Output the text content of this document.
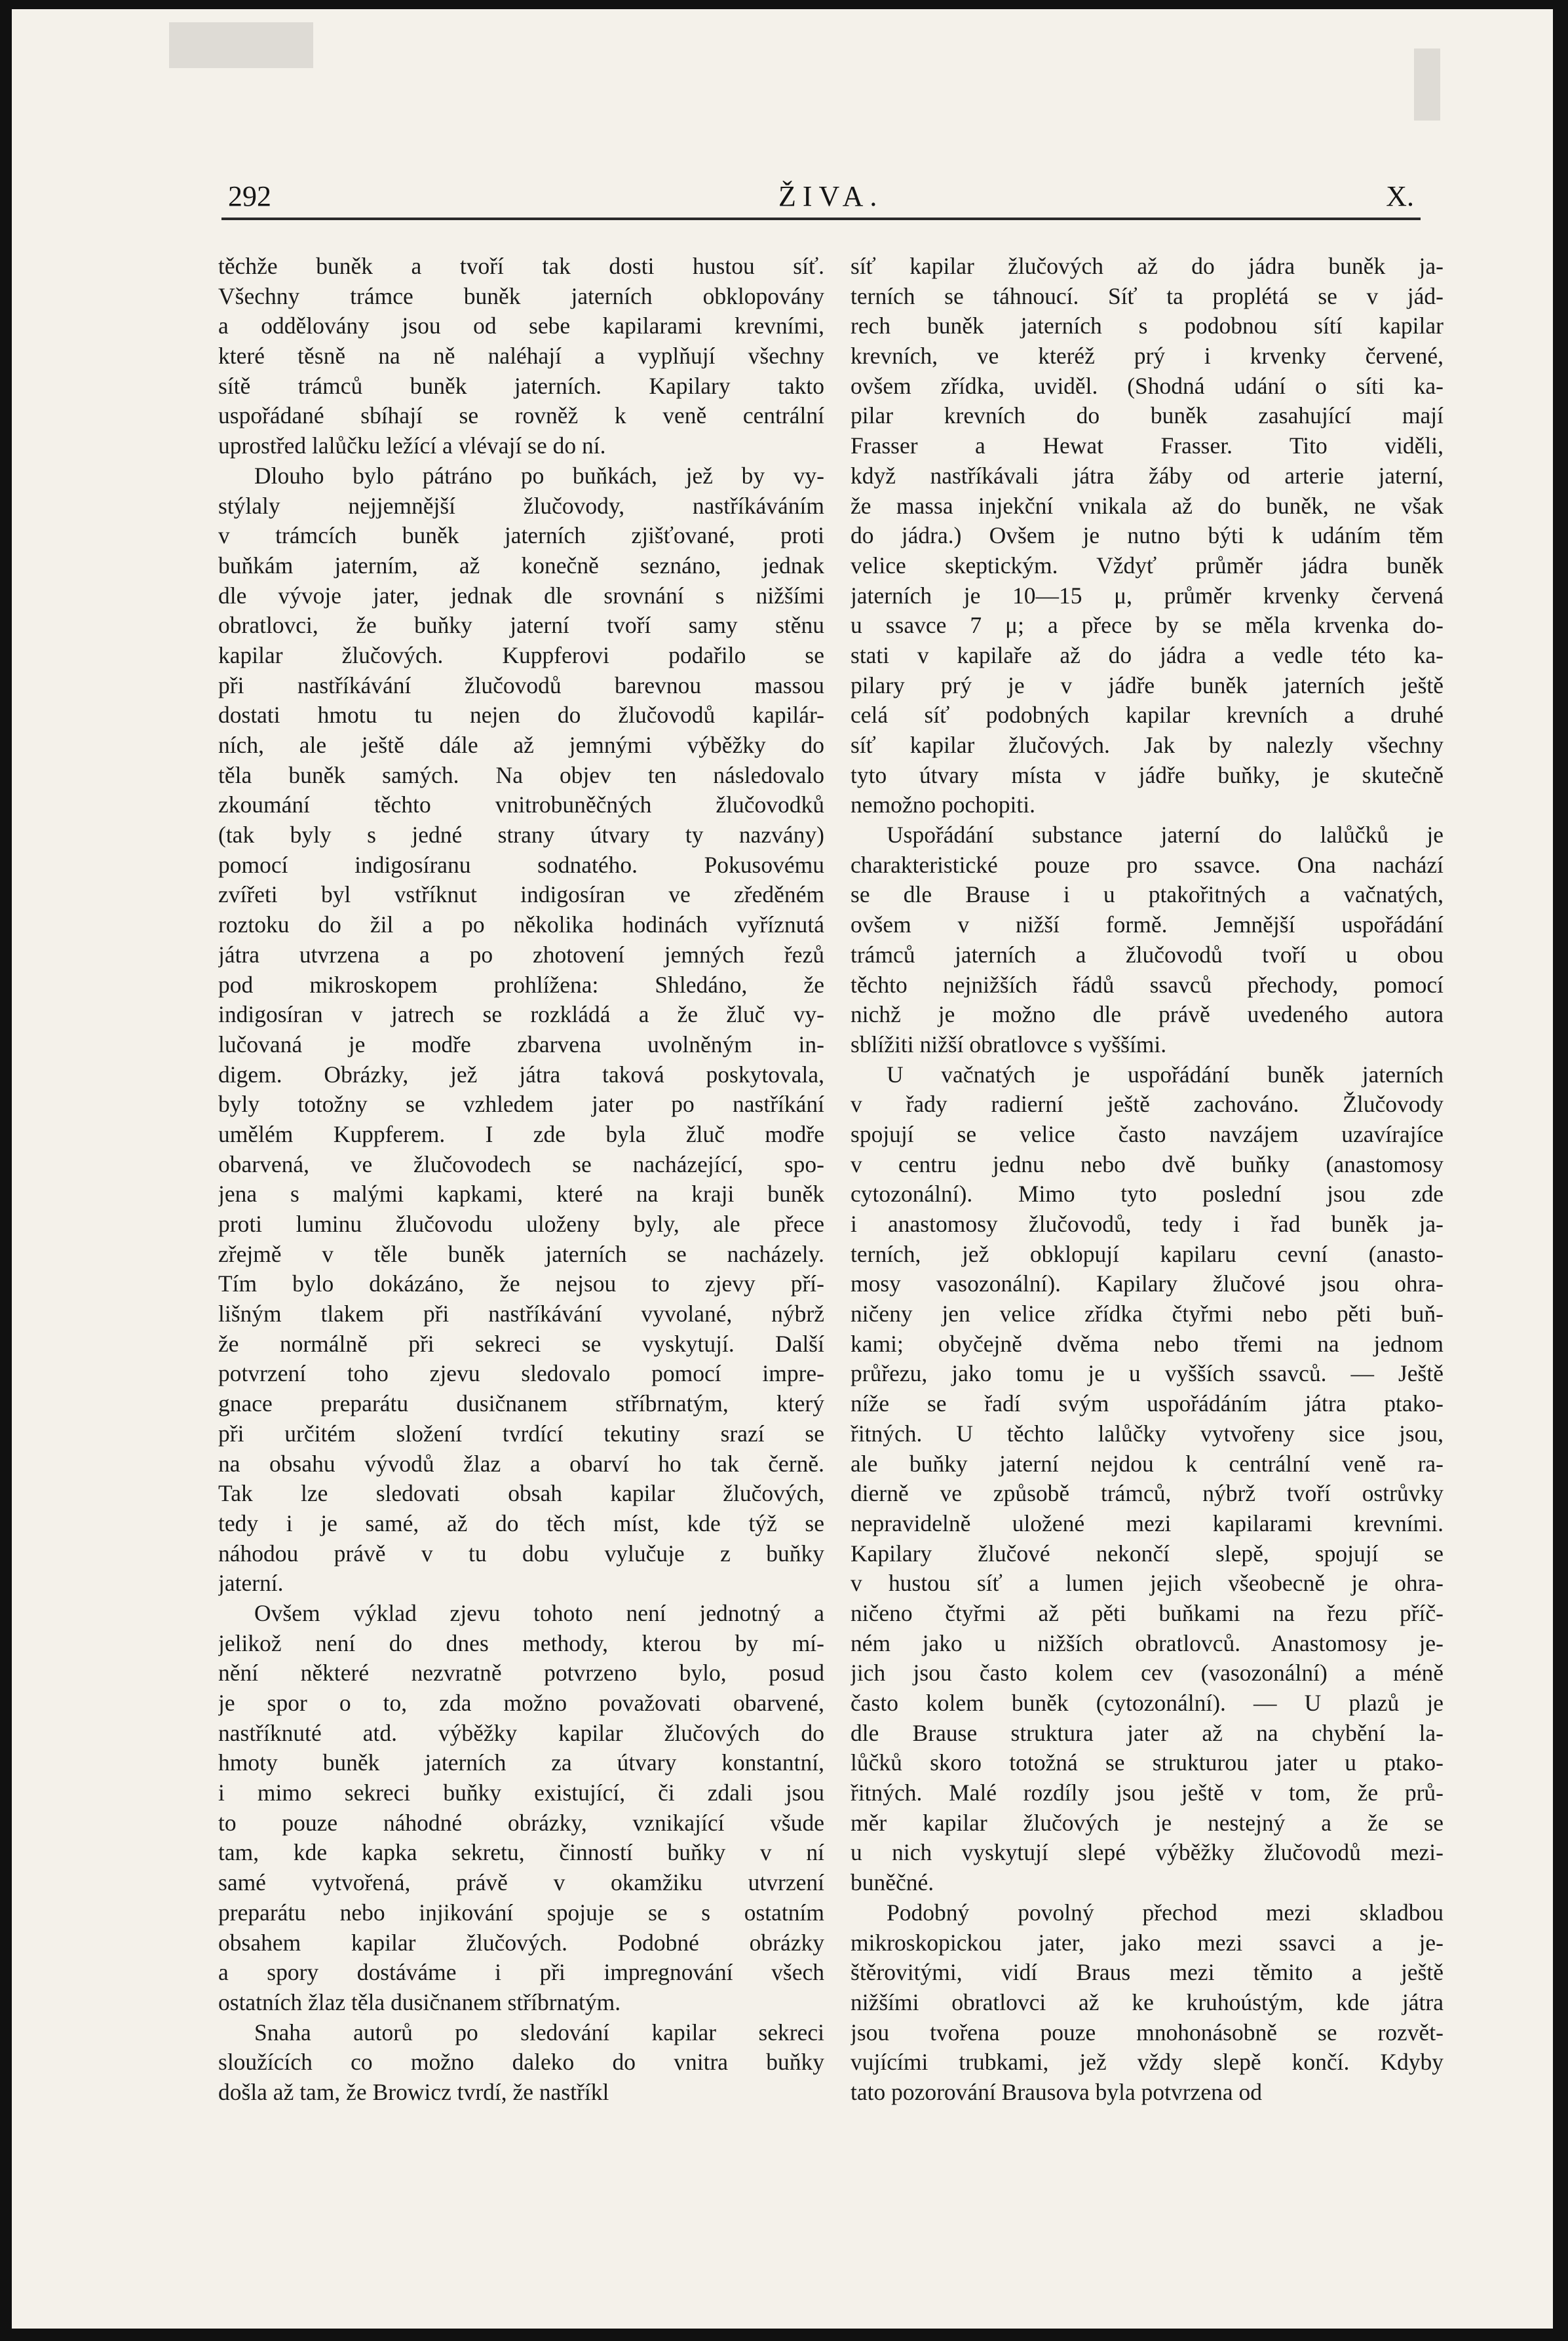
292	ŽIVA.	X.
těchže buněk a tvoří tak dosti hustou síť.
Všechny trámce buněk jaterních obklopovány
a oddělovány jsou od sebe kapilarami krevními,
které těsně na ně naléhají a vyplňují všechny
sítě trámců buněk jaterních. Kapilary takto
uspořádané sbíhají se rovněž k veně centrální
uprostřed lalůčku ležící a vlévají se do ní.
Dlouho bylo pátráno po buňkách, jež by vy-
stýlaly nejjemnější žlučovody, nastříkáváním
v trámcích buněk jaterních zjišťované, proti
buňkám jaterním, až konečně seznáno, jednak
dle vývoje jater, jednak dle srovnání s nižšími
obratlovci, že buňky jaterní tvoří samy stěnu
kapilar žlučových. Kuppferovi podařilo se
při nastříkávání žlučovodů barevnou massou
dostati hmotu tu nejen do žlučovodů kapilár-
ních, ale ještě dále až jemnými výběžky do
těla buněk samých. Na objev ten následovalo
zkoumání těchto vnitrobuněčných žlučovodků
(tak byly s jedné strany útvary ty nazvány)
pomocí indigosíranu sodnatého. Pokusovému
zvířeti byl vstříknut indigosíran ve zředěném
roztoku do žil a po několika hodinách vyříznutá
játra utvrzena a po zhotovení jemných řezů
pod mikroskopem prohlížena: Shledáno, že
indigosíran v jatrech se rozkládá a že žluč vy-
lučovaná je modře zbarvena uvolněným in-
digem. Obrázky, jež játra taková poskytovala,
byly totožny se vzhledem jater po nastříkání
umělém Kuppferem. I zde byla žluč modře
obarvená, ve žlučovodech se nacházející, spo-
jena s malými kapkami, které na kraji buněk
proti luminu žlučovodu uloženy byly, ale přece
zřejmě v těle buněk jaterních se nacházely.
Tím bylo dokázáno, že nejsou to zjevy pří-
lišným tlakem při nastříkávání vyvolané, nýbrž
že normálně při sekreci se vyskytují. Další
potvrzení toho zjevu sledovalo pomocí impre-
gnace preparátu dusičnanem stříbrnatým, který
při určitém složení tvrdící tekutiny srazí se
na obsahu vývodů žlaz a obarví ho tak černě.
Tak lze sledovati obsah kapilar žlučových,
tedy i je samé, až do těch míst, kde týž se
náhodou právě v tu dobu vylučuje z buňky
jaterní.
Ovšem výklad zjevu tohoto není jednotný a
jelikož není do dnes methody, kterou by mí-
nění některé nezvratně potvrzeno bylo, posud
je spor o to, zda možno považovati obarvené,
nastříknuté atd. výběžky kapilar žlučových do
hmoty buněk jaterních za útvary konstantní,
i mimo sekreci buňky existující, či zdali jsou
to pouze náhodné obrázky, vznikající všude
tam, kde kapka sekretu, činností buňky v ní
samé vytvořená, právě v okamžiku utvrzení
preparátu nebo injikování spojuje se s ostatním
obsahem kapilar žlučových. Podobné obrázky
a spory dostáváme i při impregnování všech
ostatních žlaz těla dusičnanem stříbrnatým.
Snaha autorů po sledování kapilar sekreci
sloužících co možno daleko do vnitra buňky
došla až tam, že Browicz tvrdí, že nastříkl
síť kapilar žlučových až do jádra buněk ja-
terních se táhnoucí. Síť ta proplétá se v jád-
rech buněk jaterních s podobnou sítí kapilar
krevních, ve kteréž prý i krvenky červené,
ovšem zřídka, uviděl. (Shodná udání o síti ka-
pilar krevních do buněk zasahující mají
Frasser a Hewat Frasser. Tito viděli,
když nastříkávali játra žáby od arterie jaterní,
že massa injekční vnikala až do buněk, ne však
do jádra.) Ovšem je nutno býti k udáním těm
velice skeptickým. Vždyť průměr jádra buněk
jaterních je 10—15 μ, průměr krvenky červená
u ssavce 7 μ; a přece by se měla krvenka do-
stati v kapilaře až do jádra a vedle této ka-
pilary prý je v jádře buněk jaterních ještě
celá síť podobných kapilar krevních a druhé
síť kapilar žlučových. Jak by nalezly všechny
tyto útvary místa v jádře buňky, je skutečně
nemožno pochopiti.
Uspořádání substance jaterní do lalůčků je
charakteristické pouze pro ssavce. Ona nachází
se dle Brause i u ptakořitných a vačnatých,
ovšem v nižší formě. Jemnější uspořádání
trámců jaterních a žlučovodů tvoří u obou
těchto nejnižších řádů ssavců přechody, pomocí
nichž je možno dle právě uvedeného autora
sblížiti nižší obratlovce s vyššími.
U vačnatých je uspořádání buněk jaterních
v řady radierní ještě zachováno. Žlučovody
spojují se velice často navzájem uzavírajíce
v centru jednu nebo dvě buňky (anastomosy
cytozonální). Mimo tyto poslední jsou zde
i anastomosy žlučovodů, tedy i řad buněk ja-
terních, jež obklopují kapilaru cevní (anasto-
mosy vasozonální). Kapilary žlučové jsou ohra-
ničeny jen velice zřídka čtyřmi nebo pěti buň-
kami; obyčejně dvěma nebo třemi na jednom
průřezu, jako tomu je u vyšších ssavců. — Ještě
níže se řadí svým uspořádáním játra ptako-
řitných. U těchto lalůčky vytvořeny sice jsou,
ale buňky jaterní nejdou k centrální veně ra-
dierně ve způsobě trámců, nýbrž tvoří ostrůvky
nepravidelně uložené mezi kapilarami krevními.
Kapilary žlučové nekončí slepě, spojují se
v hustou síť a lumen jejich všeobecně je ohra-
ničeno čtyřmi až pěti buňkami na řezu příč-
ném jako u nižších obratlovců. Anastomosy je-
jich jsou často kolem cev (vasozonální) a méně
často kolem buněk (cytozonální). — U plazů je
dle Brause struktura jater až na chybění la-
lůčků skoro totožná se strukturou jater u ptako-
řitných. Malé rozdíly jsou ještě v tom, že prů-
měr kapilar žlučových je nestejný a že se
u nich vyskytují slepé výběžky žlučovodů mezi-
buněčné.
Podobný povolný přechod mezi skladbou
mikroskopickou jater, jako mezi ssavci a je-
štěrovitými, vidí Braus mezi těmito a ještě
nižšími obratlovci až ke kruhoústým, kde játra
jsou tvořena pouze mnohonásobně se rozvět-
vujícími trubkami, jež vždy slepě končí. Kdyby
tato pozorování Brausova byla potvrzena od
